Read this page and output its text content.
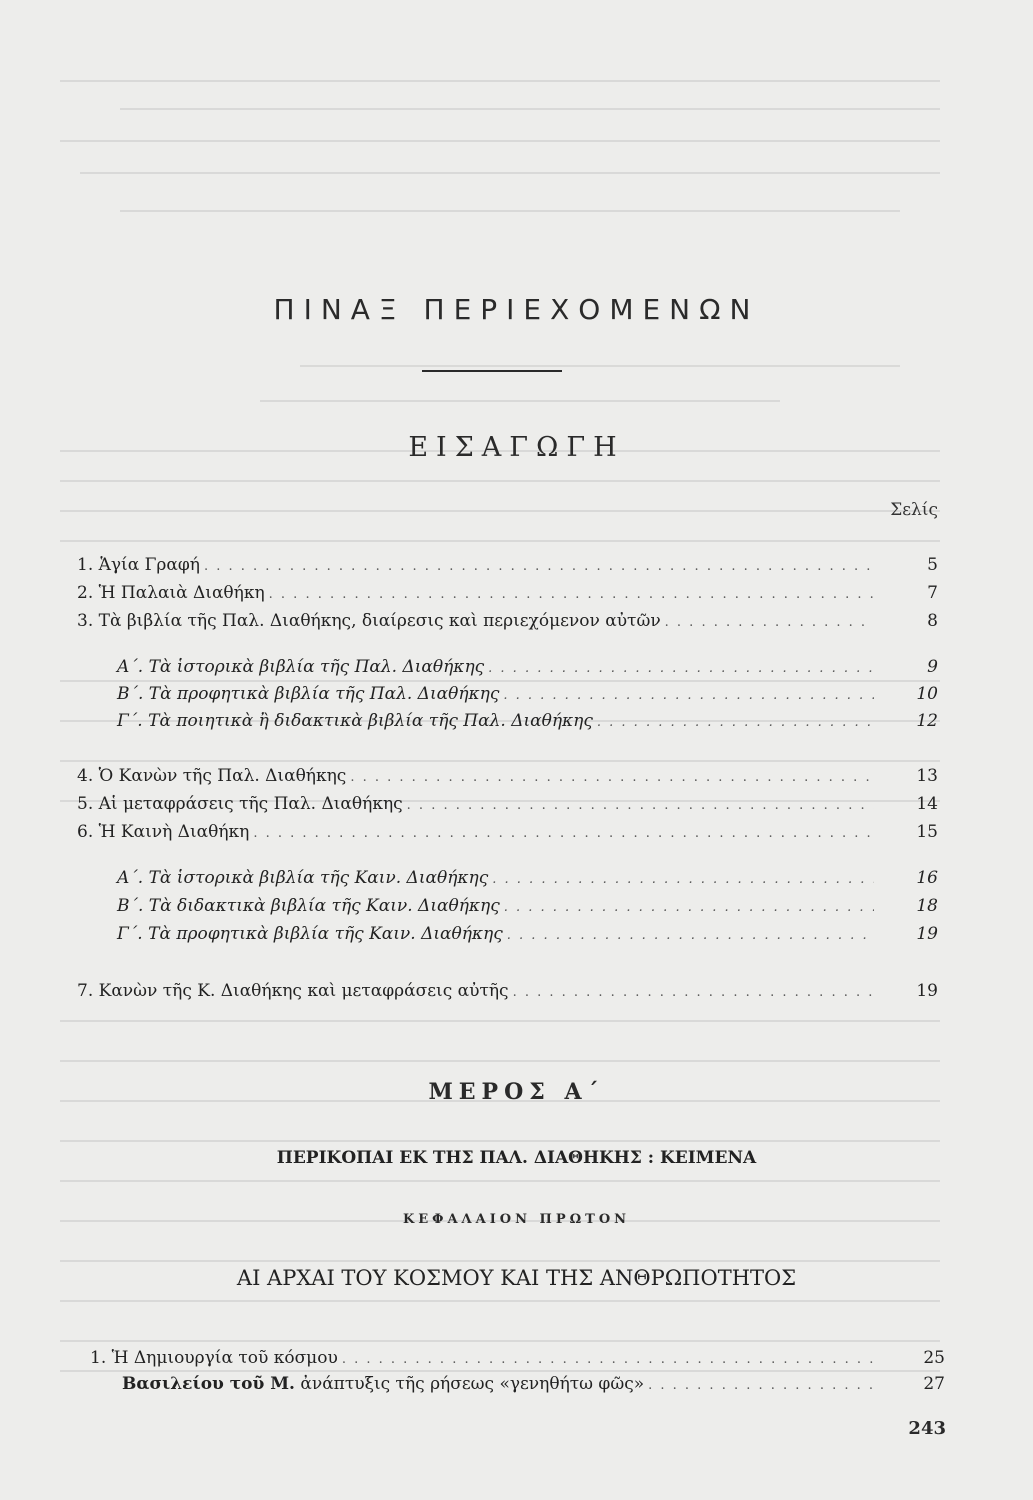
ΠΙΝΑΞ ΠΕΡΙΕΧΟΜΕΝΩΝ
ΕΙΣΑΓΩΓΗ
Σελίς
1. Ἁγία Γραφή . . .	5
2. Ἡ Παλαιὰ Διαθήκη . . .	7
3. Τὰ βιβλία τῆς Παλ. Διαθήκης, διαίρεσις καὶ περιεχόμενον αὐτῶν . . .	8
Α΄. Τὰ ἱστορικὰ βιβλία τῆς Παλ. Διαθήκης . . .	9
Β΄. Τὰ προφητικὰ βιβλία τῆς Παλ. Διαθήκης . . .	10
Γ΄. Τὰ ποιητικὰ ἢ διδακτικὰ βιβλία τῆς Παλ. Διαθήκης . . .	12
4. Ὁ Κανὼν τῆς Παλ. Διαθήκης . . .	13
5. Αἱ μεταφράσεις τῆς Παλ. Διαθήκης . . .	14
6. Ἡ Καινὴ Διαθήκη . . .	15
Α΄. Τὰ ἱστορικὰ βιβλία τῆς Καιν. Διαθήκης . . .	16
Β΄. Τὰ διδακτικὰ βιβλία τῆς Καιν. Διαθήκης . . .	18
Γ΄. Τὰ προφητικὰ βιβλία τῆς Καιν. Διαθήκης . . .	19
7. Κανὼν τῆς Κ. Διαθήκης καὶ μεταφράσεις αὐτῆς . . .	19
ΜΕΡΟΣ Α΄
ΠΕΡΙΚΟΠΑΙ ΕΚ ΤΗΣ ΠΑΛ. ΔΙΑΘΗΚΗΣ : ΚΕΙΜΕΝΑ
ΚΕΦΑΛΑΙΟΝ ΠΡΩΤΟΝ
ΑΙ ΑΡΧΑΙ ΤΟΥ ΚΟΣΜΟΥ ΚΑΙ ΤΗΣ ΑΝΘΡΩΠΟΤΗΤΟΣ
1. Ἡ Δημιουργία τοῦ κόσμου . . .	25
Βασιλείου τοῦ Μ. ἀνάπτυξις τῆς ρήσεως «γενηθήτω φῶς» . . .	27
243
